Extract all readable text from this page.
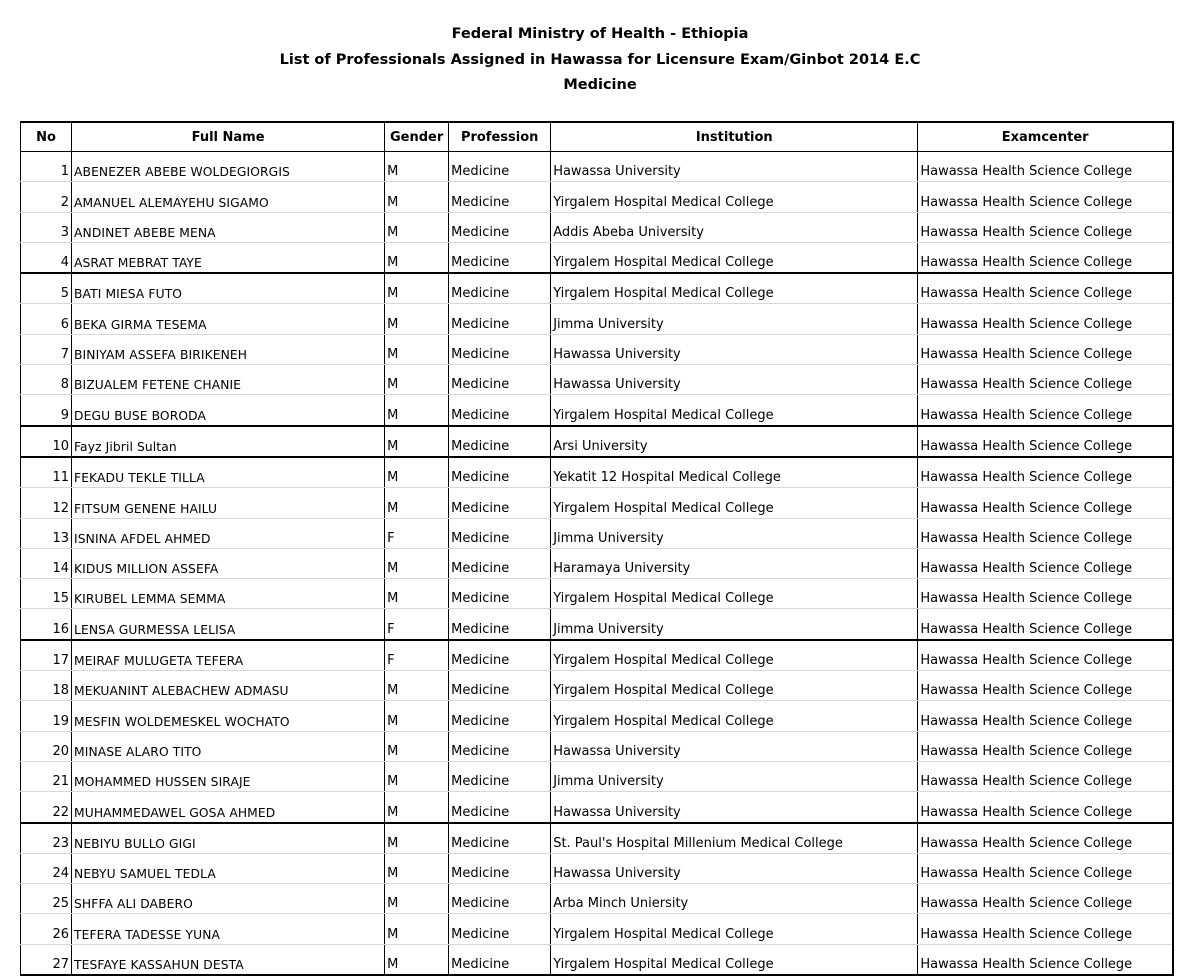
Federal Ministry of Health - Ethiopia
List of Professionals Assigned in Hawassa for Licensure Exam/Ginbot 2014 E.C
Medicine
No	Full Name	Gender	Profession	Institution	Examcenter
1	ABENEZER ABEBE WOLDEGIORGIS	M	Medicine	Hawassa University	Hawassa Health Science College
2	AMANUEL ALEMAYEHU SIGAMO	M	Medicine	Yirgalem Hospital Medical College	Hawassa Health Science College
3	ANDINET ABEBE MENA	M	Medicine	Addis Abeba University	Hawassa Health Science College
4	ASRAT MEBRAT TAYE	M	Medicine	Yirgalem Hospital Medical College	Hawassa Health Science College
5	BATI MIESA FUTO	M	Medicine	Yirgalem Hospital Medical College	Hawassa Health Science College
6	BEKA GIRMA TESEMA	M	Medicine	Jimma University	Hawassa Health Science College
7	BINIYAM ASSEFA BIRIKENEH	M	Medicine	Hawassa University	Hawassa Health Science College
8	BIZUALEM FETENE CHANIE	M	Medicine	Hawassa University	Hawassa Health Science College
9	DEGU BUSE BORODA	M	Medicine	Yirgalem Hospital Medical College	Hawassa Health Science College
10	Fayz Jibril Sultan	M	Medicine	Arsi University	Hawassa Health Science College
11	FEKADU TEKLE TILLA	M	Medicine	Yekatit 12 Hospital Medical College	Hawassa Health Science College
12	FITSUM GENENE HAILU	M	Medicine	Yirgalem Hospital Medical College	Hawassa Health Science College
13	ISNINA AFDEL AHMED	F	Medicine	Jimma University	Hawassa Health Science College
14	KIDUS MILLION ASSEFA	M	Medicine	Haramaya University	Hawassa Health Science College
15	KIRUBEL LEMMA SEMMA	M	Medicine	Yirgalem Hospital Medical College	Hawassa Health Science College
16	LENSA GURMESSA LELISA	F	Medicine	Jimma University	Hawassa Health Science College
17	MEIRAF MULUGETA TEFERA	F	Medicine	Yirgalem Hospital Medical College	Hawassa Health Science College
18	MEKUANINT ALEBACHEW ADMASU	M	Medicine	Yirgalem Hospital Medical College	Hawassa Health Science College
19	MESFIN WOLDEMESKEL WOCHATO	M	Medicine	Yirgalem Hospital Medical College	Hawassa Health Science College
20	MINASE ALARO TITO	M	Medicine	Hawassa University	Hawassa Health Science College
21	MOHAMMED HUSSEN SIRAJE	M	Medicine	Jimma University	Hawassa Health Science College
22	MUHAMMEDAWEL GOSA AHMED	M	Medicine	Hawassa University	Hawassa Health Science College
23	NEBIYU BULLO GIGI	M	Medicine	St. Paul's Hospital Millenium Medical College	Hawassa Health Science College
24	NEBYU SAMUEL TEDLA	M	Medicine	Hawassa University	Hawassa Health Science College
25	SHFFA ALI DABERO	M	Medicine	Arba Minch Uniersity	Hawassa Health Science College
26	TEFERA TADESSE YUNA	M	Medicine	Yirgalem Hospital Medical College	Hawassa Health Science College
27	TESFAYE KASSAHUN DESTA	M	Medicine	Yirgalem Hospital Medical College	Hawassa Health Science College
